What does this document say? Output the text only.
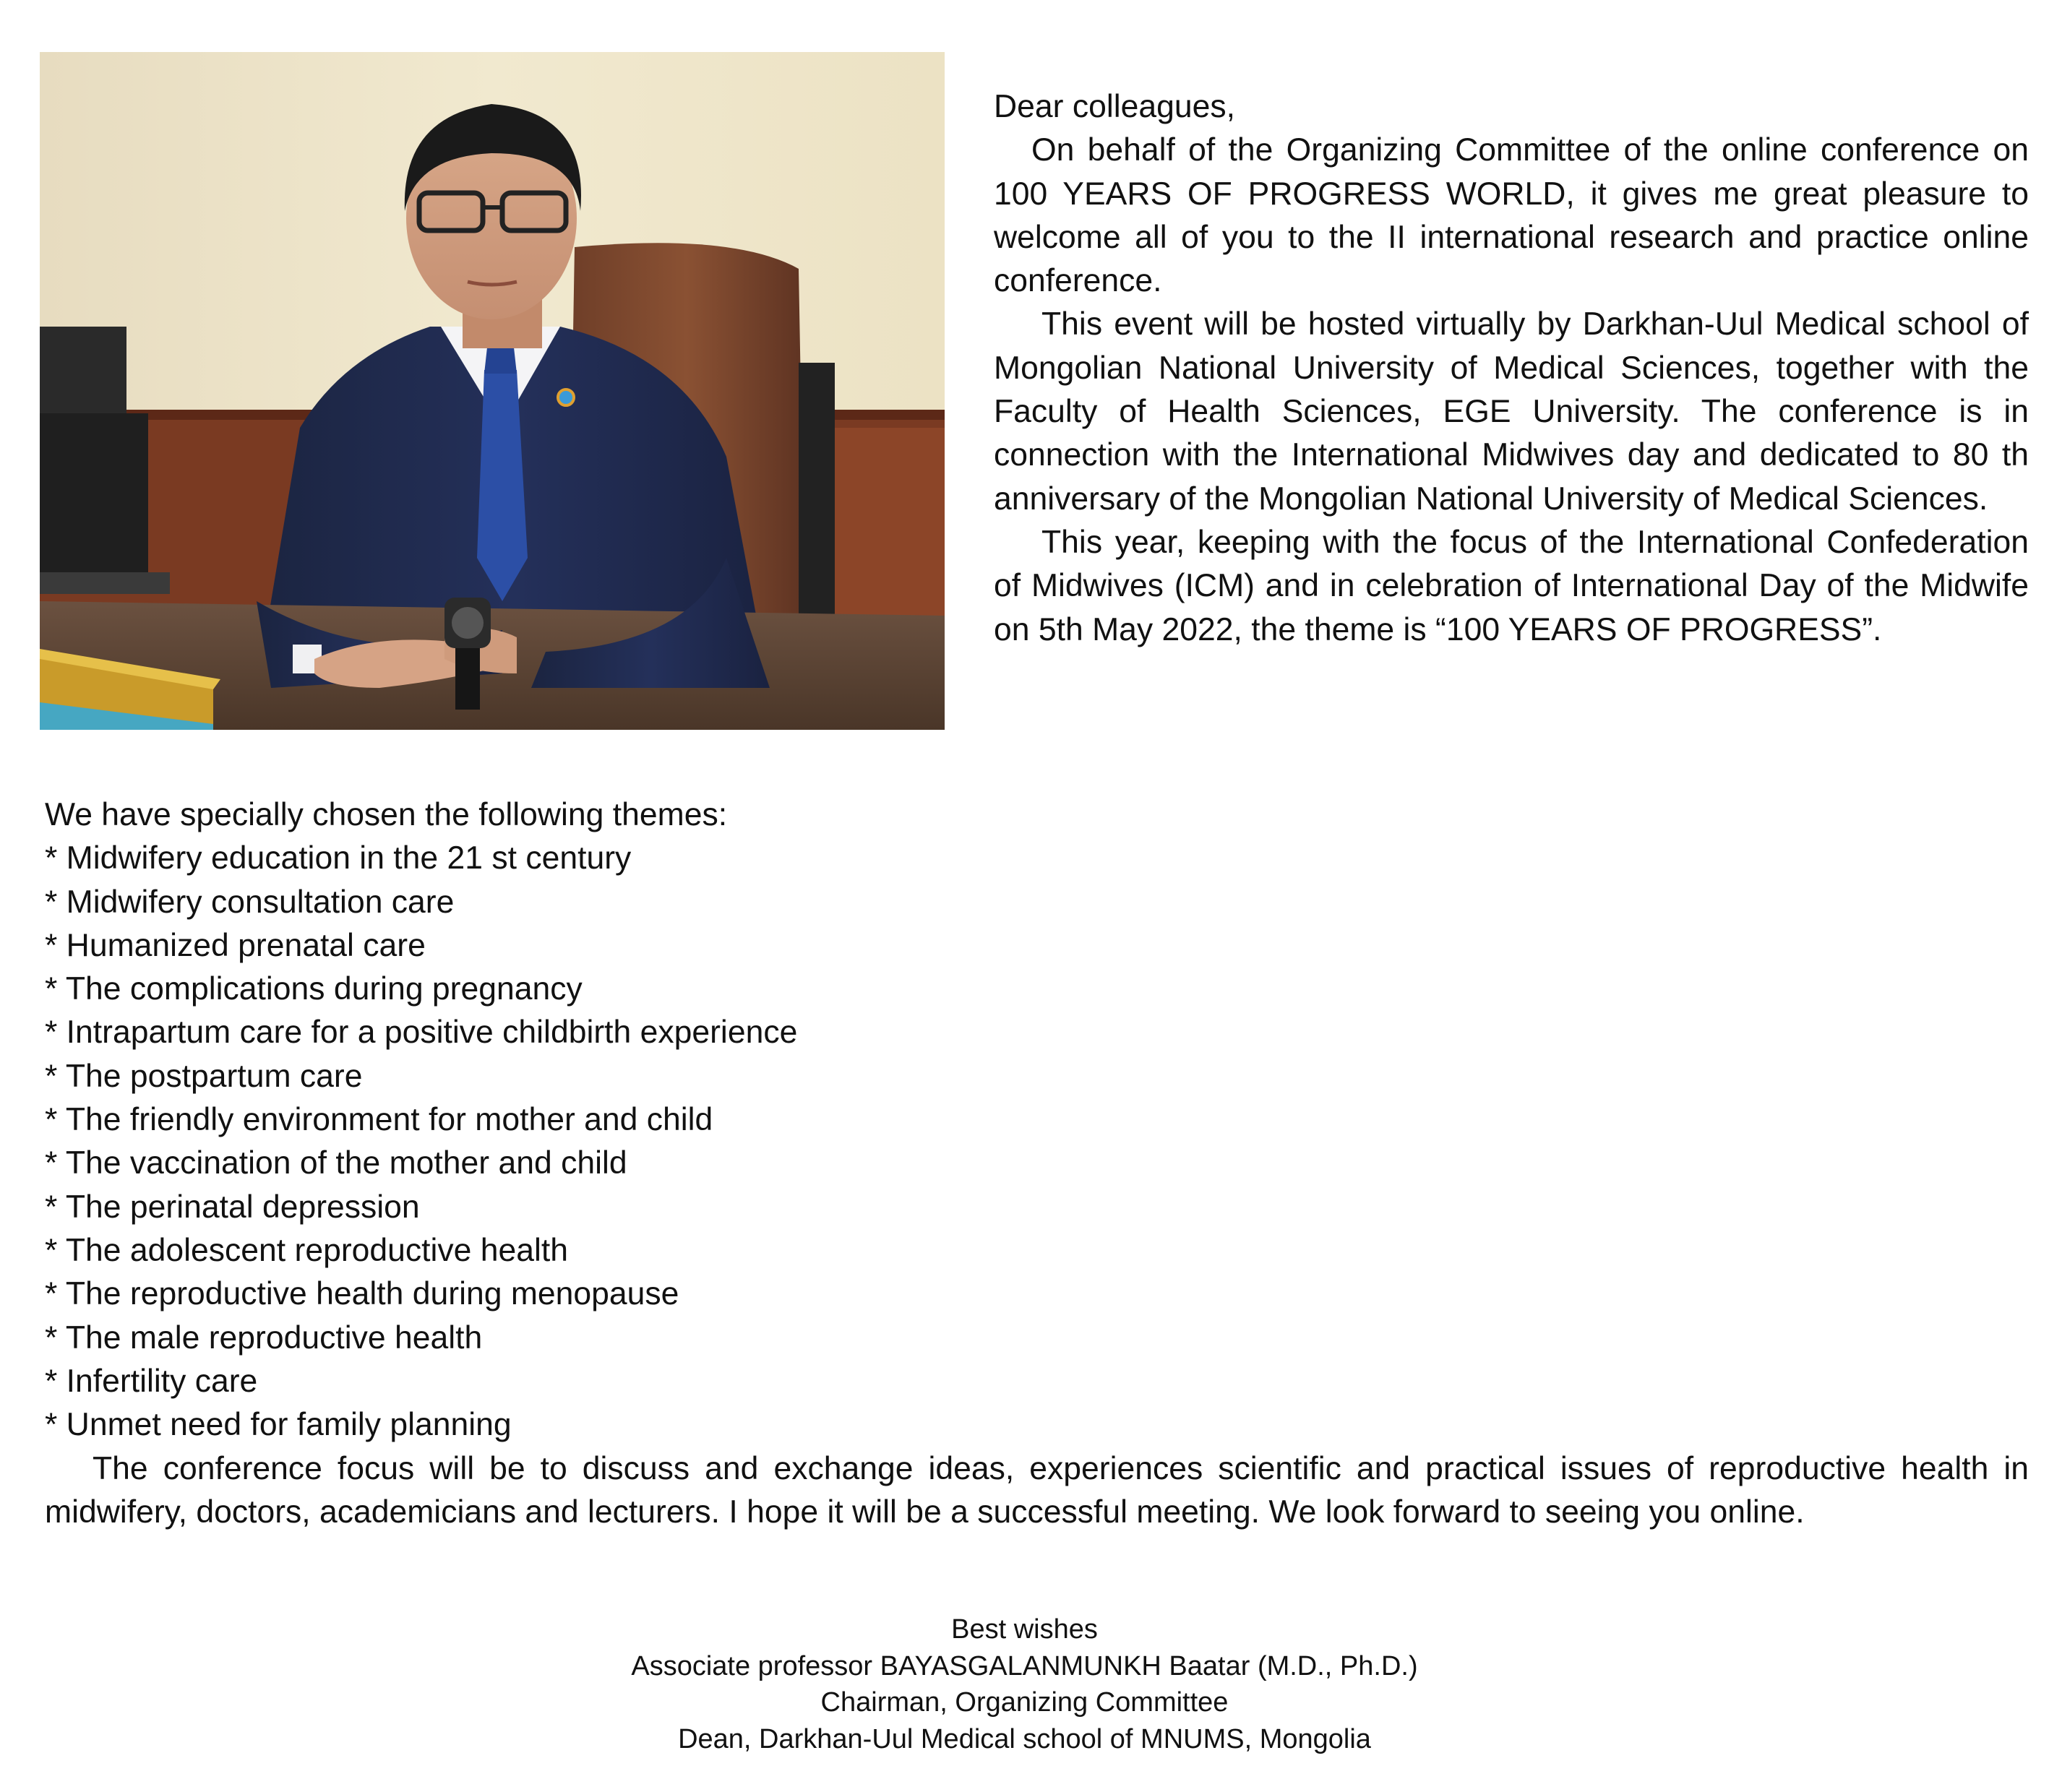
Dear colleagues,

On behalf of the Organizing Committee of the online conference on 100 YEARS OF PROGRESS WORLD, it gives me great pleasure to welcome all of you to the II international research and practice online conference.

This event will be hosted virtually by Darkhan-Uul Medical school of Mongolian National University of Medical Sciences, together with the Faculty of Health Sciences, EGE University. The conference is in connection with the International Midwives day and dedicated to 80 th anniversary of the Mongolian National University of Medical Sciences.

This year, keeping with the focus of the International Confederation of Midwives (ICM) and in celebration of International Day of the Midwife on 5th May 2022, the theme is “100 YEARS OF PROGRESS”.

We have specially chosen the following themes:

* Midwifery education in the 21 st century
* Midwifery consultation care
* Humanized prenatal care
* The complications during pregnancy
* Intrapartum care for a positive childbirth experience
* The postpartum care
* The friendly environment for mother and child
* The vaccination of the mother and child
* The perinatal depression
* The adolescent reproductive health
* The reproductive health during menopause
* The male reproductive health
* Infertility care
* Unmet need for family planning

The conference focus will be to discuss and exchange ideas, experiences scientific and practical issues of reproductive health in midwifery, doctors, academicians and lecturers. I hope it will be a successful meeting. We look forward to seeing you online.

Best wishes
Associate professor BAYASGALANMUNKH Baatar (M.D., Ph.D.)
Chairman, Organizing Committee
Dean, Darkhan-Uul Medical school of MNUMS, Mongolia
